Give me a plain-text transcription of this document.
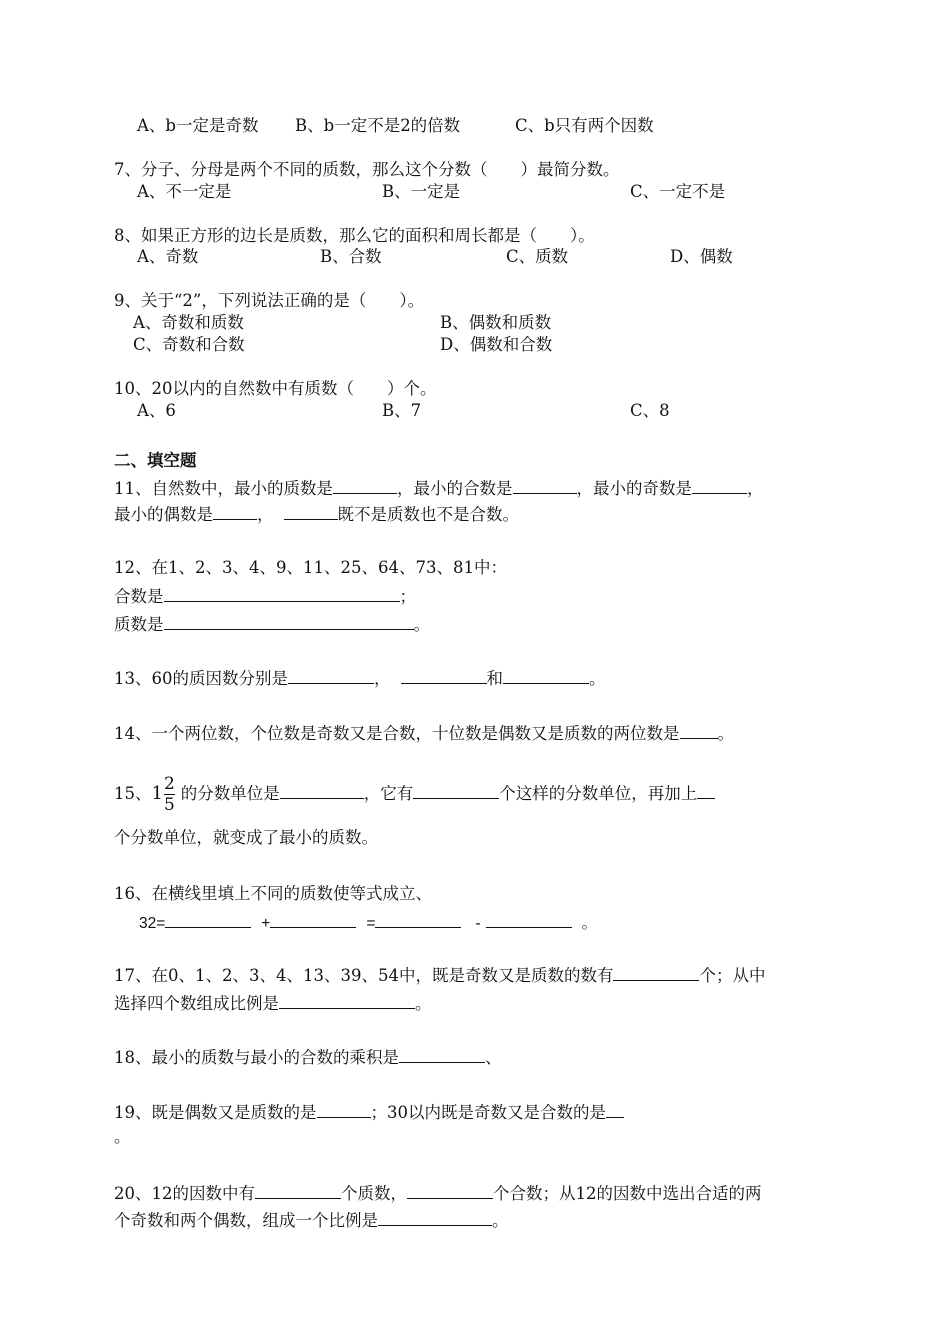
A、b一定是奇数 B、b一定不是2的倍数	C、b只有两个因数
7、分子、分母是两个不同的质数，那么这个分数（　　）最简分数。
A、不一定是	B、一定是	C、一定不是
8、如果正方形的边长是质数，那么它的面积和周长都是（　　）。
A、奇数	B、合数	C、质数	D、偶数
9、关于“2”，下列说法正确的是（　　）。
A、奇数和质数	B、偶数和质数
C、奇数和合数	D、偶数和合数
10、20以内的自然数中有质数（　　）个。
A、6	B、7	C、8
二、填空题
11、自然数中，最小的质数是	，最小的合数是	，最小的奇数是	，
最小的偶数是	，	既不是质数也不是合数。
12、在1、2、3、4、9、11、25、64、73、81中：
合数是	；
质数是	。
13、60的质因数分别是	，	和	。
14、一个两位数，个位数是奇数又是合数，十位数是偶数又是质数的两位数是 。
15、$1 \frac{2}{5}$ 的分数单位是	，它有	个这样的分数单位，再加上
个分数单位，就变成了最小的质数。
16、在横线里填上不同的质数使等式成立、
32=	+	=	-	。
17、在0、1、2、3、4、13、39、54中，既是奇数又是质数的数有	个；从中
选择四个数组成比例是	。
18、最小的质数与最小的合数的乘积是	、
19、既是偶数又是质数的是	；30以内既是奇数又是合数的是
。
20、12的因数中有	个质数，	个合数；从12的因数中选出合适的两
个奇数和两个偶数，组成一个比例是	。
